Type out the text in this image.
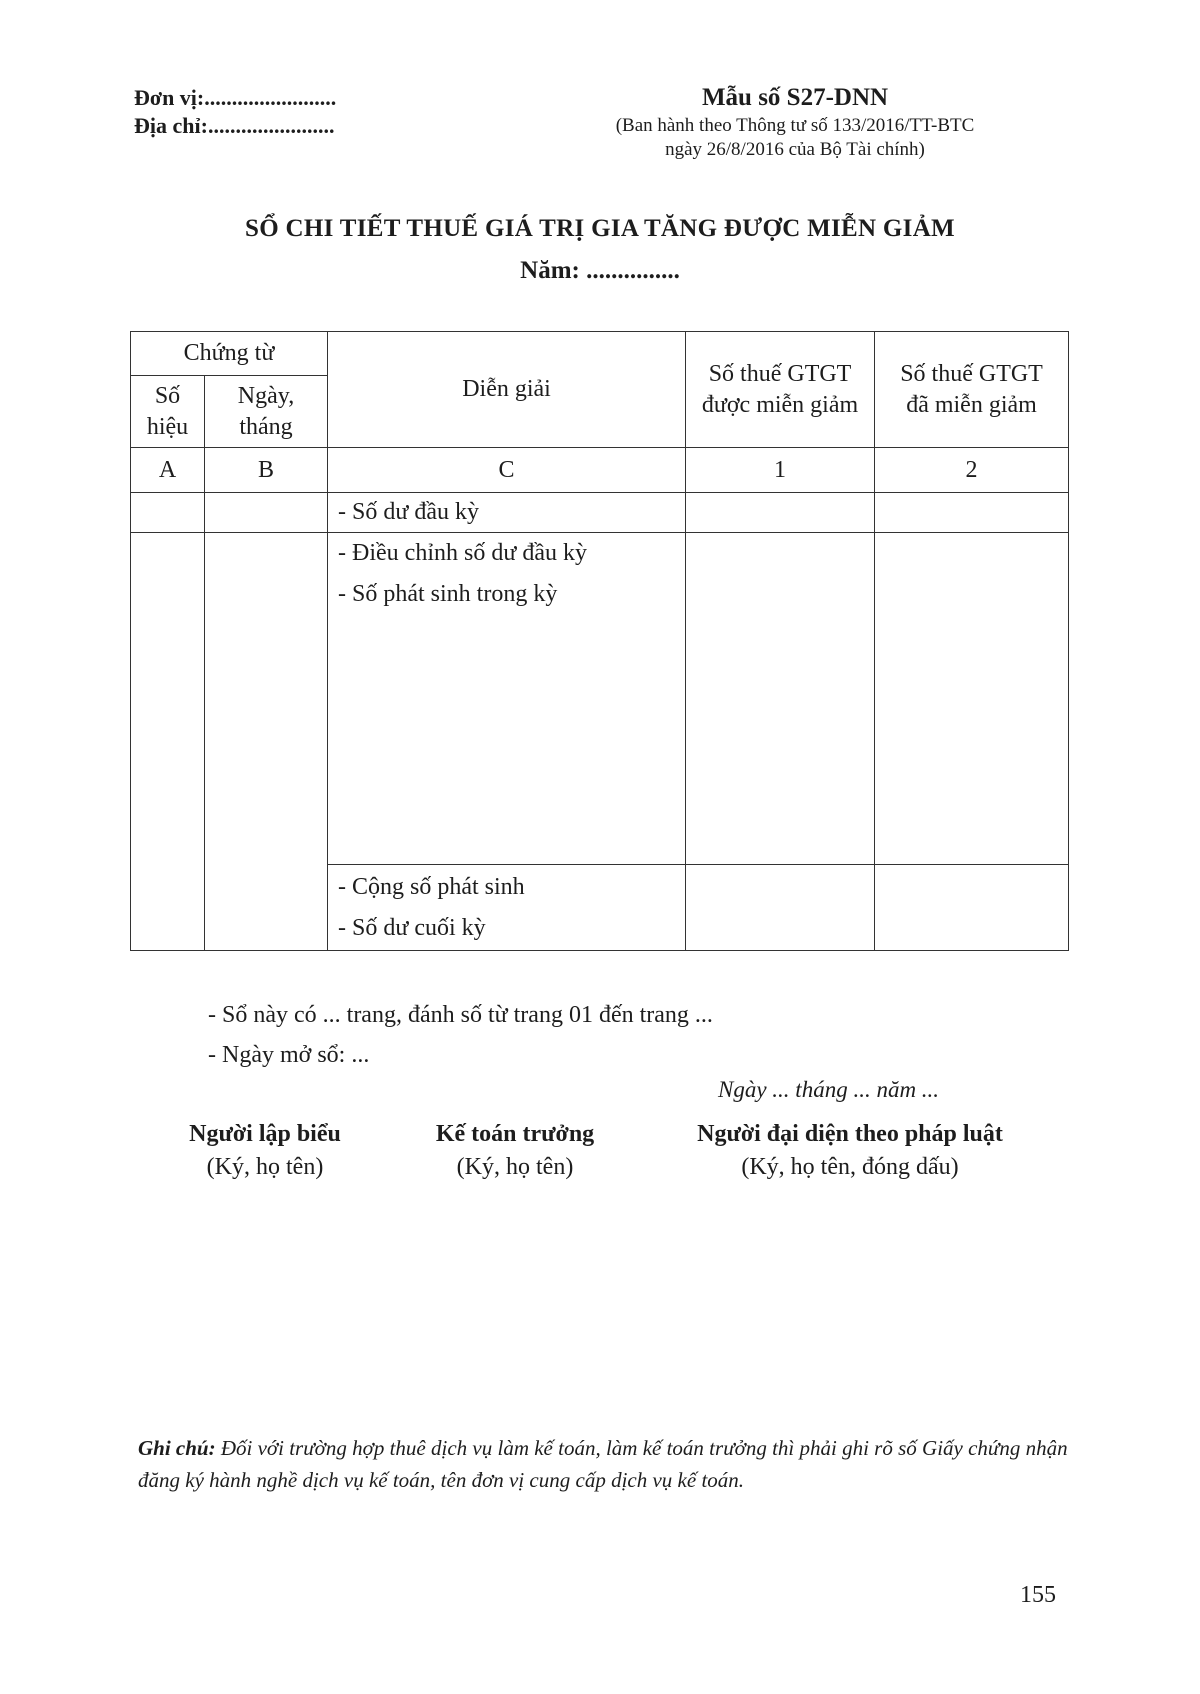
Đơn vị:........................
Địa chỉ:.......................
Mẫu số S27-DNN
(Ban hành theo Thông tư số 133/2016/TT-BTC
ngày 26/8/2016 của Bộ Tài chính)
SỔ CHI TIẾT THUẾ GIÁ TRỊ GIA TĂNG ĐƯỢC MIỄN GIẢM
Năm: ...............
Chứng từ		Diễn giải	Số thuế GTGT được miễn giảm	Số thuế GTGT đã miễn giảm
Số hiệu	Ngày, tháng			
A	B	C	1	2
		- Số dư đầu kỳ		

		- Điều chỉnh số dư đầu kỳ
- Số phát sinh trong kỳ		

		- Cộng số phát sinh
- Số dư cuối kỳ		

- Sổ này có ... trang, đánh số từ trang 01 đến trang ...
- Ngày mở sổ: ...
Ngày ... tháng ... năm ...
Người lập biểu
(Ký, họ tên)
Kế toán trưởng
(Ký, họ tên)
Người đại diện theo pháp luật
(Ký, họ tên, đóng dấu)
Ghi chú: Đối với trường hợp thuê dịch vụ làm kế toán, làm kế toán trưởng thì phải ghi rõ số Giấy chứng nhận đăng ký hành nghề dịch vụ kế toán, tên đơn vị cung cấp dịch vụ kế toán.
155
